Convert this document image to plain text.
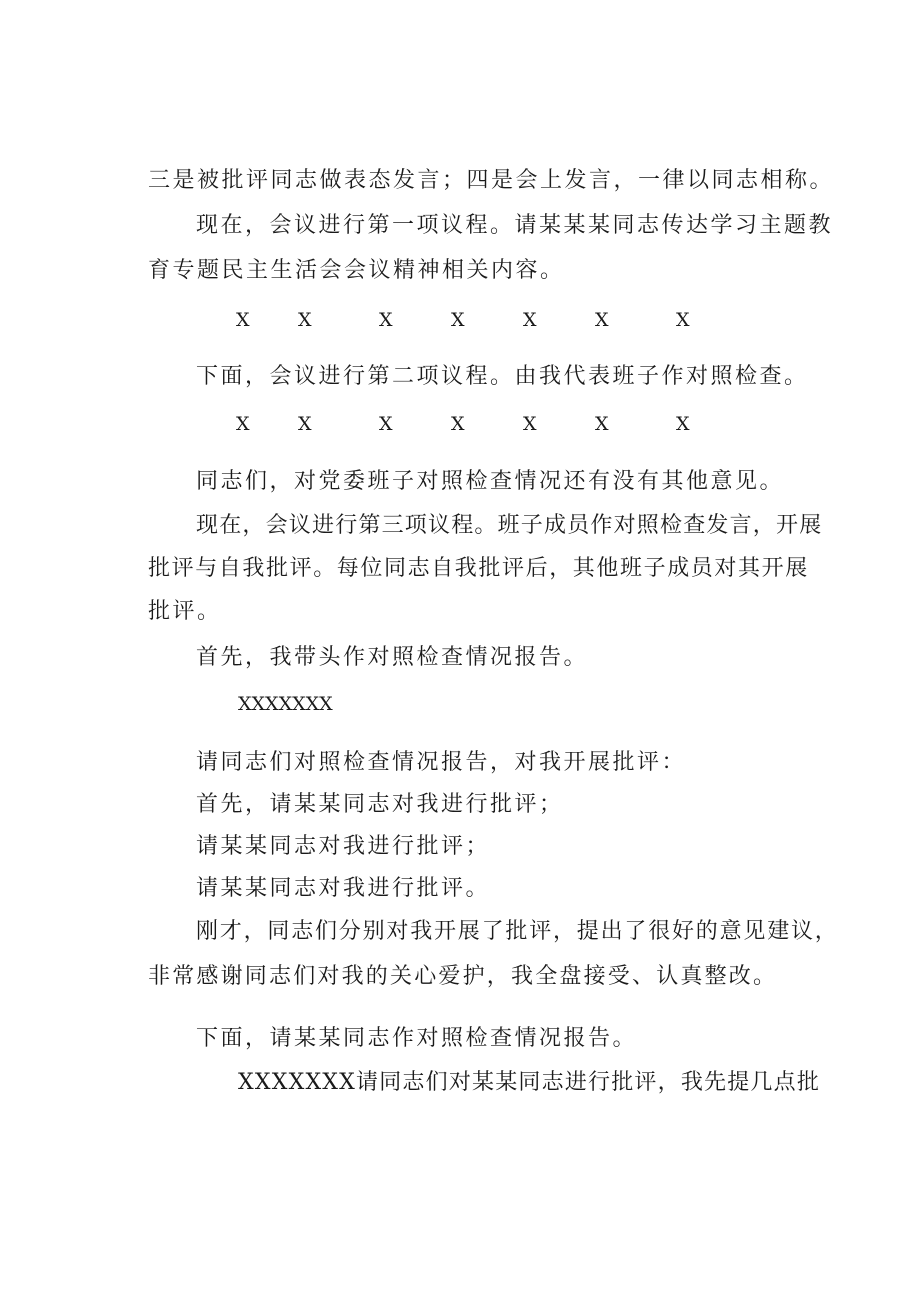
三是被批评同志做表态发言；四是会上发言，一律以同志相称。
现在，会议进行第一项议程。请某某某同志传达学习主题教
育专题民主生活会会议精神相关内容。
X	X	X	X	X	X	X
下面，会议进行第二项议程。由我代表班子作对照检查。
X	X	X	X	X	X	X
同志们，对党委班子对照检查情况还有没有其他意见。
现在，会议进行第三项议程。班子成员作对照检查发言，开展
批评与自我批评。每位同志自我批评后，其他班子成员对其开展
批评。
首先，我带头作对照检查情况报告。
XXXXXXX
请同志们对照检查情况报告，对我开展批评：
首先，请某某同志对我进行批评；
请某某同志对我进行批评；
请某某同志对我进行批评。
刚才，同志们分别对我开展了批评，提出了很好的意见建议，
非常感谢同志们对我的关心爱护，我全盘接受、认真整改。
下面，请某某同志作对照检查情况报告。
XXXXXXX请同志们对某某同志进行批评，我先提几点批
